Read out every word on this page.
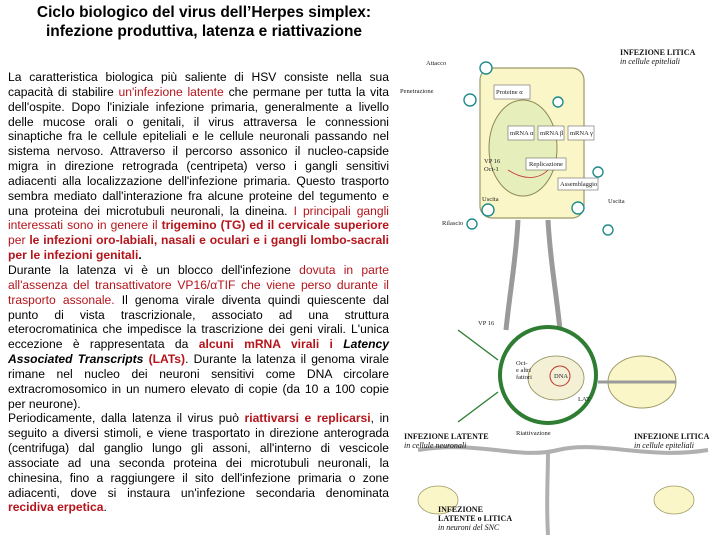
Ciclo biologico del virus dell’Herpes simplex: infezione produttiva, latenza e riattivazione

La caratteristica biologica più saliente di HSV consiste nella sua capacità di stabilire un'infezione latente che permane per tutta la vita dell'ospite. Dopo l'iniziale infezione primaria, generalmente a livello delle mucose orali o genitali, il virus attraversa le connessioni sinaptiche fra le cellule epiteliali e le cellule neuronali passando nel sistema nervoso. Attraverso il percorso assonico il nucleo-capside migra in direzione retrograda (centripeta) verso i gangli sensitivi adiacenti alla localizzazione dell'infezione primaria. Questo trasporto sembra mediato dall'interazione fra alcune proteine del tegumento e una proteina dei microtubuli neuronali, la dineina. I principali gangli interessati sono in genere il trigemino (TG) ed il cervicale superiore per le infezioni oro-labiali, nasali e oculari e i gangli lombo-sacrali per le infezioni genitali.

Durante la latenza vi è un blocco dell'infezione dovuta in parte all'assenza del transattivatore VP16/αTIF che viene perso durante il trasporto assonale. Il genoma virale diventa quindi quiescente dal punto di vista trascrizionale, associato ad una struttura eterocromatinica che impedisce la trascrizione dei geni virali. L'unica eccezione è rappresentata da alcuni mRNA virali i Latency Associated Transcripts (LATs). Durante la latenza il genoma virale rimane nel nucleo dei neuroni sensitivi come DNA circolare extracromosomico in un numero elevato di copie (da 10 a 100 copie per neurone).

Periodicamente, dalla latenza il virus può riattivarsi e replicarsi, in seguito a diversi stimoli, e viene trasportato in direzione anterograda (centrifuga) dal ganglio lungo gli assoni, all'interno di vescicole associate ad una seconda proteina dei microtubuli neuronali, la chinesina, fino a raggiungere il sito dell'infezione primaria o zone adiacenti, dove si instaura un'infezione secondaria denominata recidiva erpetica.

INFEZIONE LITICA
in cellule epiteliali
INFEZIONE LATENTE
in cellule neuronali
INFEZIONE LITICA
in cellule epiteliali
INFEZIONE
LATENTE o LITICA
in neuroni del SNC
Attacco
Penetrazione	Proteine α
mRNA α mRNA β mRNA γ
Replicazione
VP 16
Oct-1
Assemblaggio
Uscita
Rilascio
Uscita
VP 16
Oct-
e altri
fattori	DNA
LAT
Riattivazione
